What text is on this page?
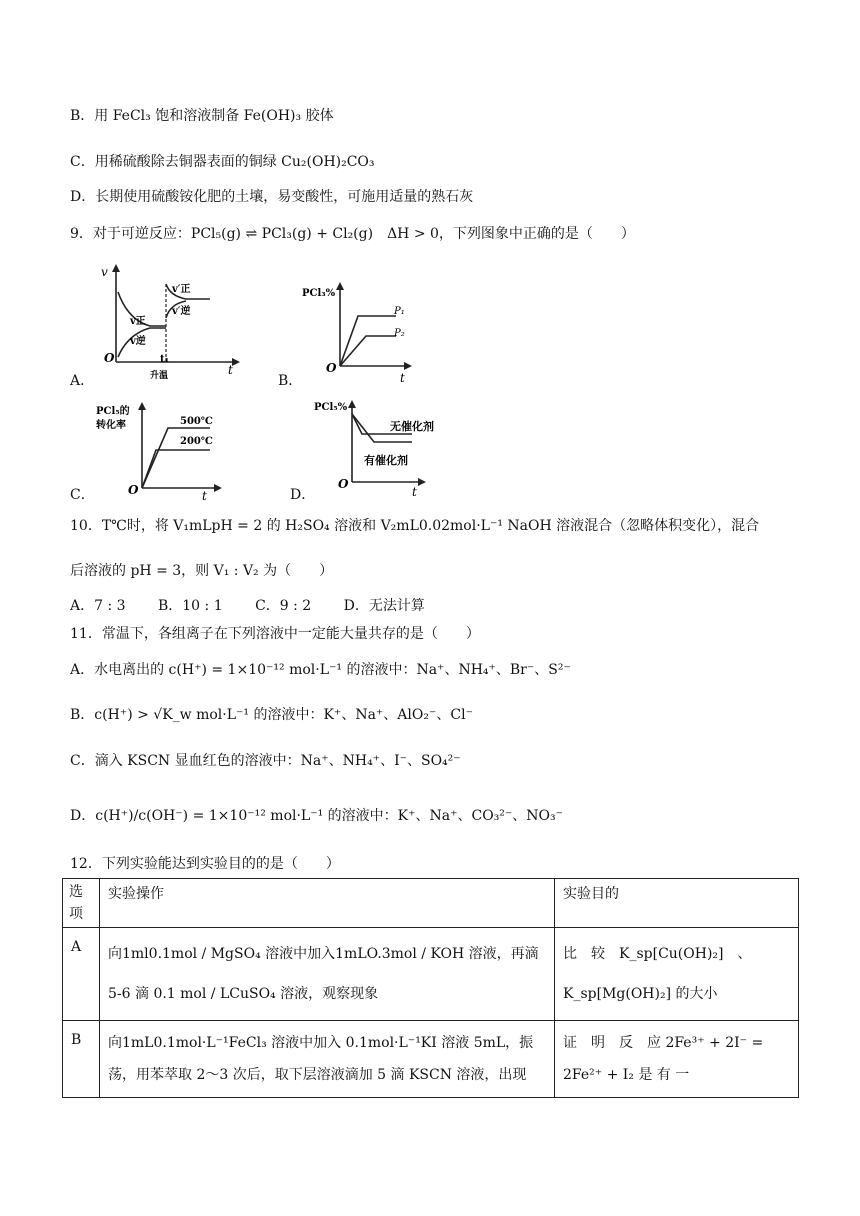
B．用 FeCl₃ 饱和溶液制备 Fe(OH)₃ 胶体
C．用稀硫酸除去铜器表面的铜绿 Cu₂(OH)₂CO₃
D．长期使用硫酸铵化肥的土壤，易变酸性，可施用适量的熟石灰
9．对于可逆反应：PCl₅(g) ⇌ PCl₃(g) + Cl₂(g)　ΔH > 0，下列图象中正确的是（　　）
A．
v
O
t
v正
v逆
v′正
v′逆
t₁
升温	B．
PCl₃%
O
t
P₁
P₂
C．
PCl₅的
转化率
O	t
500℃
200℃
D．
PCl₅%
O
t
无催化剂
有催化剂
10．T℃时，将 V₁mLpH = 2 的 H₂SO₄ 溶液和 V₂mL0.02mol·L⁻¹ NaOH 溶液混合（忽略体积变化），混合
后溶液的 pH = 3，则 V₁ : V₂ 为（　　）
A．7 : 3　　 B．10 : 1　　 C．9 : 2　　 D．无法计算
11．常温下，各组离子在下列溶液中一定能大量共存的是（　　）
A．水电离出的 c(H⁺) = 1×10⁻¹² mol·L⁻¹ 的溶液中：Na⁺、NH₄⁺、Br⁻、S²⁻
B．c(H⁺) > √K_w mol·L⁻¹ 的溶液中：K⁺、Na⁺、AlO₂⁻、Cl⁻
C．滴入 KSCN 显血红色的溶液中：Na⁺、NH₄⁺、I⁻、SO₄²⁻
D．c(H⁺)/c(OH⁻) = 1×10⁻¹² mol·L⁻¹ 的溶液中：K⁺、Na⁺、CO₃²⁻、NO₃⁻
12．下列实验能达到实验目的的是（　　）
选项	实验操作	实验目的
A	向1ml0.1mol / MgSO₄ 溶液中加入1mLO.3mol / KOH 溶液，再滴 5-6 滴 0.1 mol / LCuSO₄ 溶液，观察现象	比　较　K_sp[Cu(OH)₂]　、 K_sp[Mg(OH)₂] 的大小
B	向1mL0.1mol·L⁻¹FeCl₃ 溶液中加入 0.1mol·L⁻¹KI 溶液 5mL，振荡，用苯萃取 2～3 次后，取下层溶液滴加 5 滴 KSCN 溶液，出现	证　明　反　应 2Fe³⁺ + 2I⁻ = 2Fe²⁺ + I₂ 是 有 一
